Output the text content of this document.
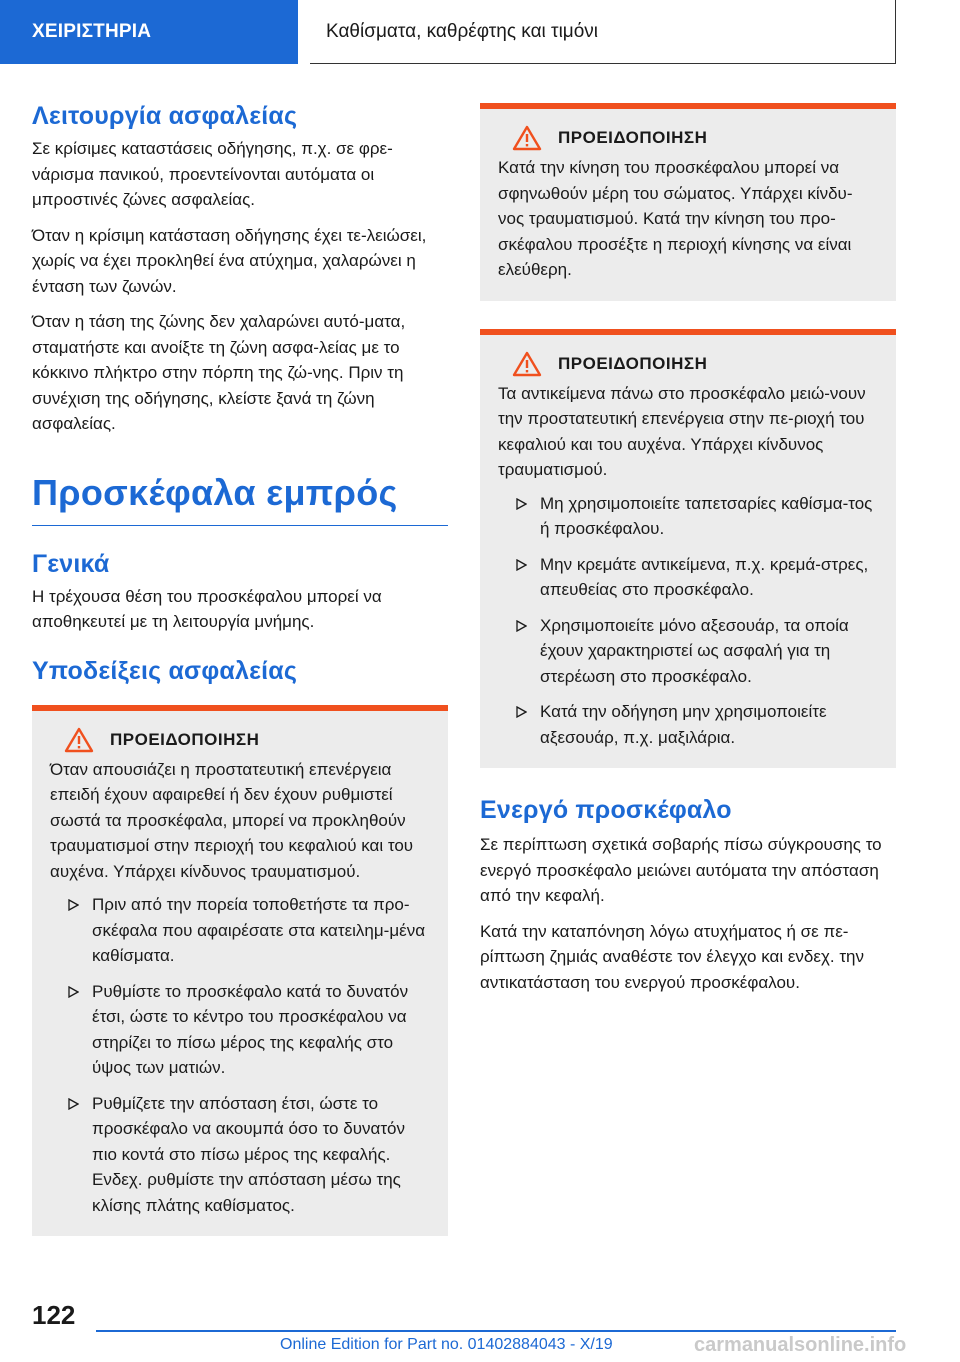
ΧΕΙΡΙΣΤΗΡΙΑ	Καθίσματα, καθρέφτης και τιμόνι
Λειτουργία ασφαλείας

Σε κρίσιμες καταστάσεις οδήγησης, π.χ. σε φρε‐νάρισμα πανικού, προεντείνονται αυτόματα οι μπροστινές ζώνες ασφαλείας.

Όταν η κρίσιμη κατάσταση οδήγησης έχει τε‐λειώσει, χωρίς να έχει προκληθεί ένα ατύχημα, χαλαρώνει η ένταση των ζωνών.

Όταν η τάση της ζώνης δεν χαλαρώνει αυτό‐ματα, σταματήστε και ανοίξτε τη ζώνη ασφα‐λείας με το κόκκινο πλήκτρο στην πόρπη της ζώ‐νης. Πριν τη συνέχιση της οδήγησης, κλείστε ξανά τη ζώνη ασφαλείας.

Προσκέφαλα εμπρός
Γενικά

Η τρέχουσα θέση του προσκέφαλου μπορεί να αποθηκευτεί με τη λειτουργία μνήμης.

Υποδείξεις ασφαλείας
ΠΡΟΕΙΔΟΠΟΙΗΣΗ

Όταν απουσιάζει η προστατευτική επενέργεια επειδή έχουν αφαιρεθεί ή δεν έχουν ρυθμιστεί σωστά τα προσκέφαλα, μπορεί να προκληθούν τραυματισμοί στην περιοχή του κεφαλιού και του αυχένα. Υπάρχει κίνδυνος τραυματισμού.

Πριν από την πορεία τοποθετήστε τα προ‐σκέφαλα που αφαιρέσατε στα κατειλημ‐μένα καθίσματα.
Ρυθμίστε το προσκέφαλο κατά το δυνατόν έτσι, ώστε το κέντρο του προσκέφαλου να στηρίζει το πίσω μέρος της κεφαλής στο ύψος των ματιών.
Ρυθμίζετε την απόσταση έτσι, ώστε το προσκέφαλο να ακουμπά όσο το δυνατόν πιο κοντά στο πίσω μέρος της κεφαλής. Ενδεχ. ρυθμίστε την απόσταση μέσω της κλίσης πλάτης καθίσματος.
ΠΡΟΕΙΔΟΠΟΙΗΣΗ

Κατά την κίνηση του προσκέφαλου μπορεί να σφηνωθούν μέρη του σώματος. Υπάρχει κίνδυ‐νος τραυματισμού. Κατά την κίνηση του προ‐σκέφαλου προσέξτε η περιοχή κίνησης να είναι ελεύθερη.

ΠΡΟΕΙΔΟΠΟΙΗΣΗ

Τα αντικείμενα πάνω στο προσκέφαλο μειώ‐νουν την προστατευτική επενέργεια στην πε‐ριοχή του κεφαλιού και του αυχένα. Υπάρχει κίνδυνος τραυματισμού.

Μη χρησιμοποιείτε ταπετσαρίες καθίσμα‐τος ή προσκέφαλου.
Μην κρεμάτε αντικείμενα, π.χ. κρεμά‐στρες, απευθείας στο προσκέφαλο.
Χρησιμοποιείτε μόνο αξεσουάρ, τα οποία έχουν χαρακτηριστεί ως ασφαλή για τη στερέωση στο προσκέφαλο.
Κατά την οδήγηση μην χρησιμοποιείτε αξεσουάρ, π.χ. μαξιλάρια.
Ενεργό προσκέφαλο

Σε περίπτωση σχετικά σοβαρής πίσω σύγκρουσης το ενεργό προσκέφαλο μειώνει αυτόματα την απόσταση από την κεφαλή.

Κατά την καταπόνηση λόγω ατυχήματος ή σε πε‐ρίπτωση ζημιάς αναθέστε τον έλεγχο και ενδεχ. την αντικατάσταση του ενεργού προσκέφαλου.

122
Online Edition for Part no. 01402884043 - X/19	carmanualsonline.info
